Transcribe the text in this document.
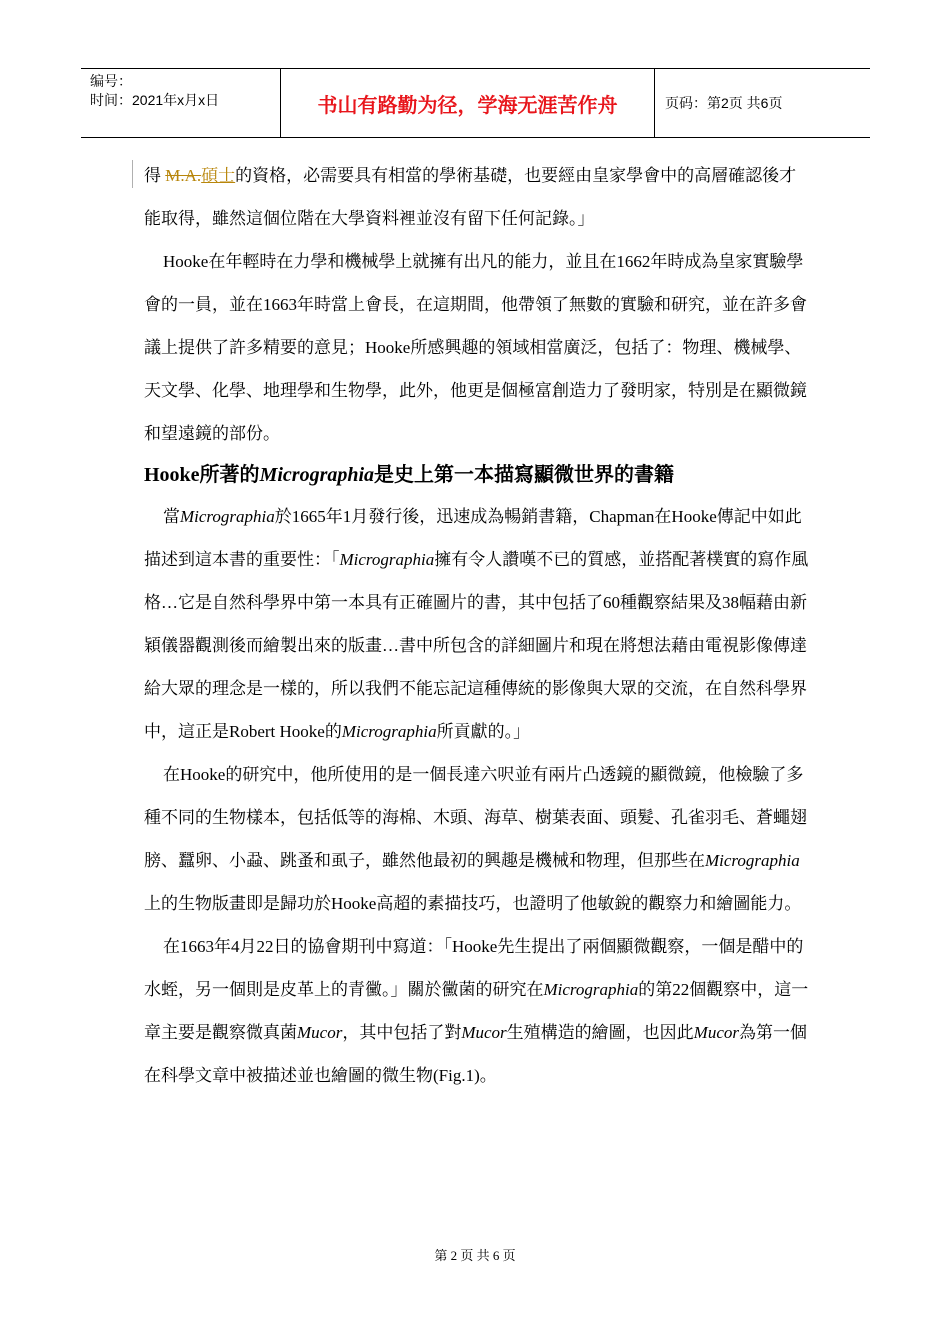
编号：
时间：2021年x月x日	书山有路勤为径，学海无涯苦作舟	页码：第2页 共6页

得 M.A.碩士的資格，必需要具有相當的學術基礎，也要經由皇家學會中的高層確認後才能取得，雖然這個位階在大學資料裡並沒有留下任何記錄。」

Hooke在年輕時在力學和機械學上就擁有出凡的能力，並且在1662年時成為皇家實驗學會的一員，並在1663年時當上會長，在這期間，他帶領了無數的實驗和研究，並在許多會議上提供了許多精要的意見；Hooke所感興趣的領域相當廣泛，包括了：物理、機械學、天文學、化學、地理學和生物學，此外，他更是個極富創造力了發明家，特別是在顯微鏡和望遠鏡的部份。

Hooke所著的Micrographia是史上第一本描寫顯微世界的書籍

當Micrographia於1665年1月發行後，迅速成為暢銷書籍，Chapman在Hooke傳記中如此描述到這本書的重要性：「Micrographia擁有令人讚嘆不已的質感，並搭配著樸實的寫作風格…它是自然科學界中第一本具有正確圖片的書，其中包括了60種觀察結果及38幅藉由新穎儀器觀測後而繪製出來的版畫…書中所包含的詳細圖片和現在將想法藉由電視影像傳達給大眾的理念是一樣的，所以我們不能忘記這種傳統的影像與大眾的交流，在自然科學界中，這正是Robert Hooke的Micrographia所貢獻的。」

在Hooke的研究中，他所使用的是一個長達六呎並有兩片凸透鏡的顯微鏡，他檢驗了多種不同的生物樣本，包括低等的海棉、木頭、海草、樹葉表面、頭髮、孔雀羽毛、蒼蠅翅膀、蠶卵、小蝨、跳蚤和虱子，雖然他最初的興趣是機械和物理，但那些在Micrographia上的生物版畫即是歸功於Hooke高超的素描技巧，也證明了他敏銳的觀察力和繪圖能力。

在1663年4月22日的協會期刊中寫道：「Hooke先生提出了兩個顯微觀察，一個是醋中的水蛭，另一個則是皮革上的青黴。」關於黴菌的研究在Micrographia的第22個觀察中，這一章主要是觀察微真菌Mucor，其中包括了對Mucor生殖構造的繪圖，也因此Mucor為第一個在科學文章中被描述並也繪圖的微生物(Fig.1)。

第 2 页 共 6 页
